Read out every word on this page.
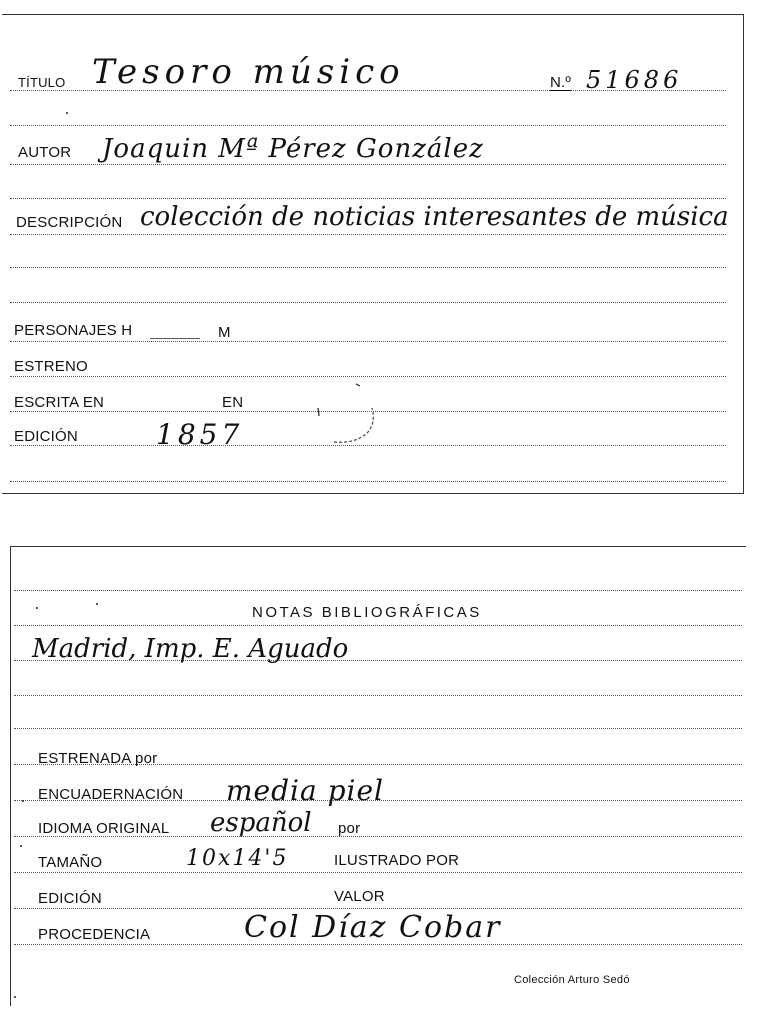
TÍTULO Tesoro músico	N.º 51686
AUTOR Joaquin Mª Pérez González
DESCRIPCIÓN colección de noticias interesantes de música
PERSONAJES H	M
ESTRENO
ESCRITA EN	EN
EDICIÓN	1857
NOTAS BIBLIOGRÁFICAS
Madrid, Imp. E. Aguado
ESTRENADA por
ENCUADERNACIÓN media piel
IDIOMA ORIGINAL español por
TAMAÑO	10x14'5	ILUSTRADO POR
EDICIÓN	VALOR
PROCEDENCIA	Col Díaz Cobar
Colección Arturo Sedó
